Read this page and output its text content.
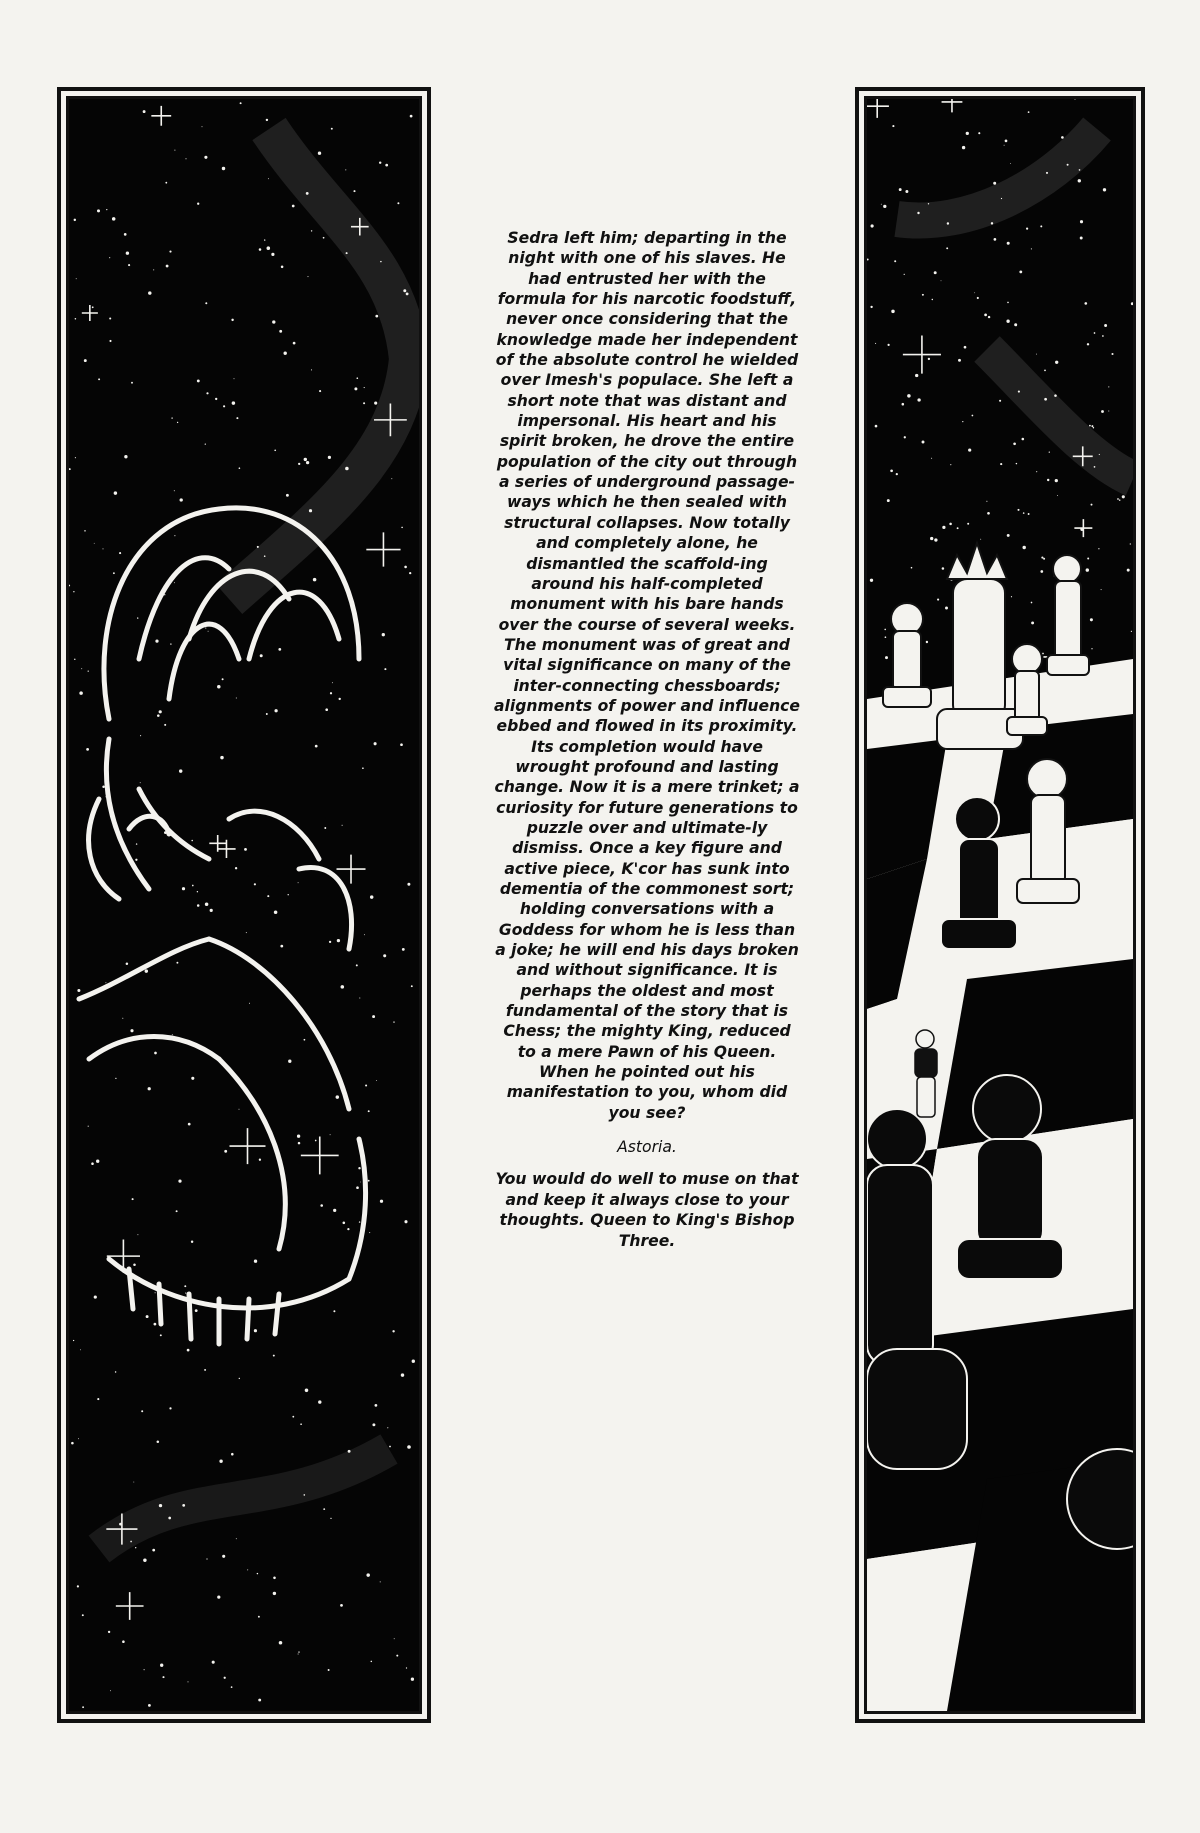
Sedra left him; departing in the night with one of his slaves. He had entrusted her with the formula for his narcotic foodstuff, never once considering that the knowledge made her independent of the absolute control he wielded over Imesh's populace. She left a short note that was distant and impersonal. His heart and his spirit broken, he drove the entire population of the city out through a series of underground passage-ways which he then sealed with structural collapses. Now totally and completely alone, he dismantled the scaffold-ing around his half-completed monument with his bare hands over the course of several weeks. The monument was of great and vital significance on many of the inter-connecting chessboards; alignments of power and influence ebbed and flowed in its proximity. Its completion would have wrought profound and lasting change. Now it is a mere trinket; a curiosity for future generations to puzzle over and ultimate-ly dismiss. Once a key figure and active piece, K'cor has sunk into dementia of the commonest sort; holding conversations with a Goddess for whom he is less than a joke; he will end his days broken and without significance. It is perhaps the oldest and most fundamental of the story that is Chess; the mighty King, reduced to a mere Pawn of his Queen. When he pointed out his manifestation to you, whom did you see?

Astoria.

You would do well to muse on that and keep it always close to your thoughts. Queen to King's Bishop Three.
